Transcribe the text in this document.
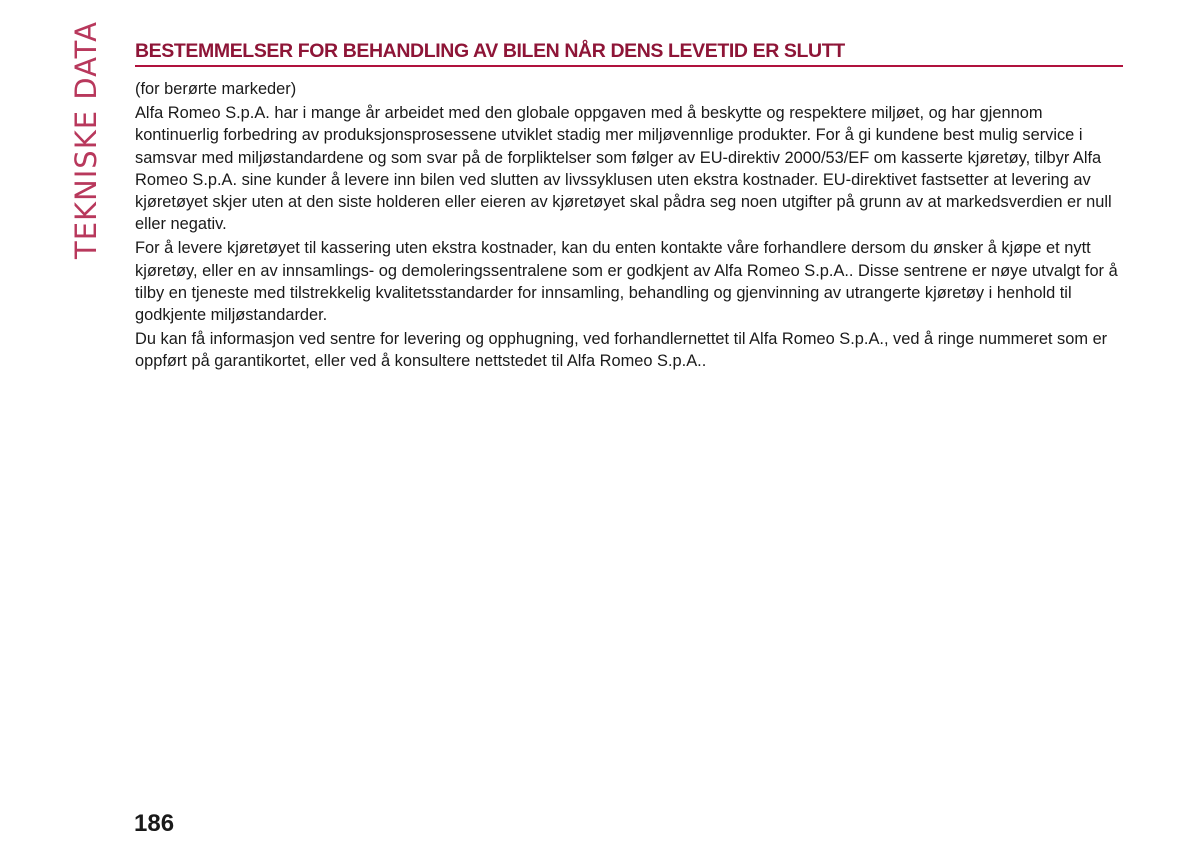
TEKNISKE DATA BESTEMMELSER FOR BEHANDLING AV BILEN NÅR DENS LEVETID ER SLUTT

(for berørte markeder)

Alfa Romeo S.p.A. har i mange år arbeidet med den globale oppgaven med å beskytte og respektere miljøet, og har gjennom kontinuerlig forbedring av produksjonsprosessene utviklet stadig mer miljøvennlige produkter. For å gi kundene best mulig service i samsvar med miljøstandardene og som svar på de forpliktelser som følger av EU-direktiv 2000/53/EF om kasserte kjøretøy, tilbyr Alfa Romeo S.p.A. sine kunder å levere inn bilen ved slutten av livssyklusen uten ekstra kostnader. EU-direktivet fastsetter at levering av kjøretøyet skjer uten at den siste holderen eller eieren av kjøretøyet skal pådra seg noen utgifter på grunn av at markedsverdien er null eller negativ.

For å levere kjøretøyet til kassering uten ekstra kostnader, kan du enten kontakte våre forhandlere dersom du ønsker å kjøpe et nytt kjøretøy, eller en av innsamlings- og demoleringssentralene som er godkjent av Alfa Romeo S.p.A.. Disse sentrene er nøye utvalgt for å tilby en tjeneste med tilstrekkelig kvalitetsstandarder for innsamling, behandling og gjenvinning av utrangerte kjøretøy i henhold til godkjente miljøstandarder.

Du kan få informasjon ved sentre for levering og opphugning, ved forhandlernettet til Alfa Romeo S.p.A., ved å ringe nummeret som er oppført på garantikortet, eller ved å konsultere nettstedet til Alfa Romeo S.p.A..

186
